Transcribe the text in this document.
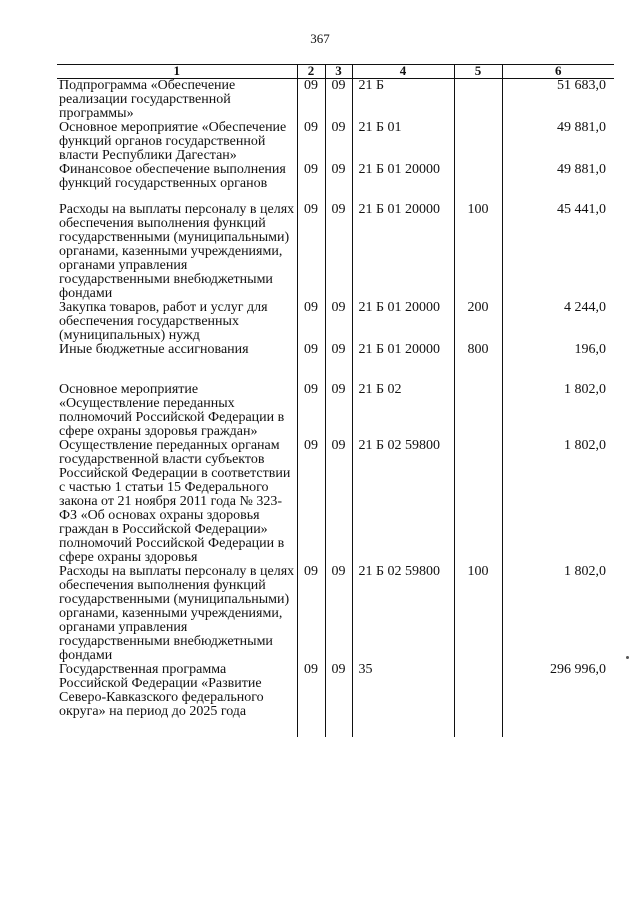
367
1	2	3	4	5	6
Подпрограмма «Обеспечение реализации государственной программы»	09	09	21 Б		51 683,0
Основное мероприятие «Обеспечение функций органов государственной власти Республики Дагестан»	09	09	21 Б 01		49 881,0
Финансовое обеспечение выполнения функций государственных органов	09	09	21 Б 01 20000		49 881,0
Расходы на выплаты персоналу в целях обеспечения выполнения функций государственными (муниципальными) органами, казенными учреждениями, органами управления государственными внебюджетными фондами	09	09	21 Б 01 20000	100	45 441,0
Закупка товаров, работ и услуг для обеспечения государственных (муниципальных) нужд	09	09	21 Б 01 20000	200	4 244,0
Иные бюджетные ассигнования	09	09	21 Б 01 20000	800	196,0
Основное мероприятие «Осуществление переданных полномочий Российской Федерации в сфере охраны здоровья граждан»	09	09	21 Б 02		1 802,0
Осуществление переданных органам государственной власти субъектов Российской Федерации в соответствии с частью 1 статьи 15 Федерального закона от 21 ноября 2011 года № 323-ФЗ «Об основах охраны здоровья граждан в Российской Федерации» полномочий Российской Федерации в сфере охраны здоровья	09	09	21 Б 02 59800		1 802,0
Расходы на выплаты персоналу в целях обеспечения выполнения функций государственными (муниципальными) органами, казенными учреждениями, органами управления государственными внебюджетными фондами	09	09	21 Б 02 59800	100	1 802,0
Государственная программа Российской Федерации «Развитие Северо-Кавказского федерального округа» на период до 2025 года	09	09	35		296 996,0
